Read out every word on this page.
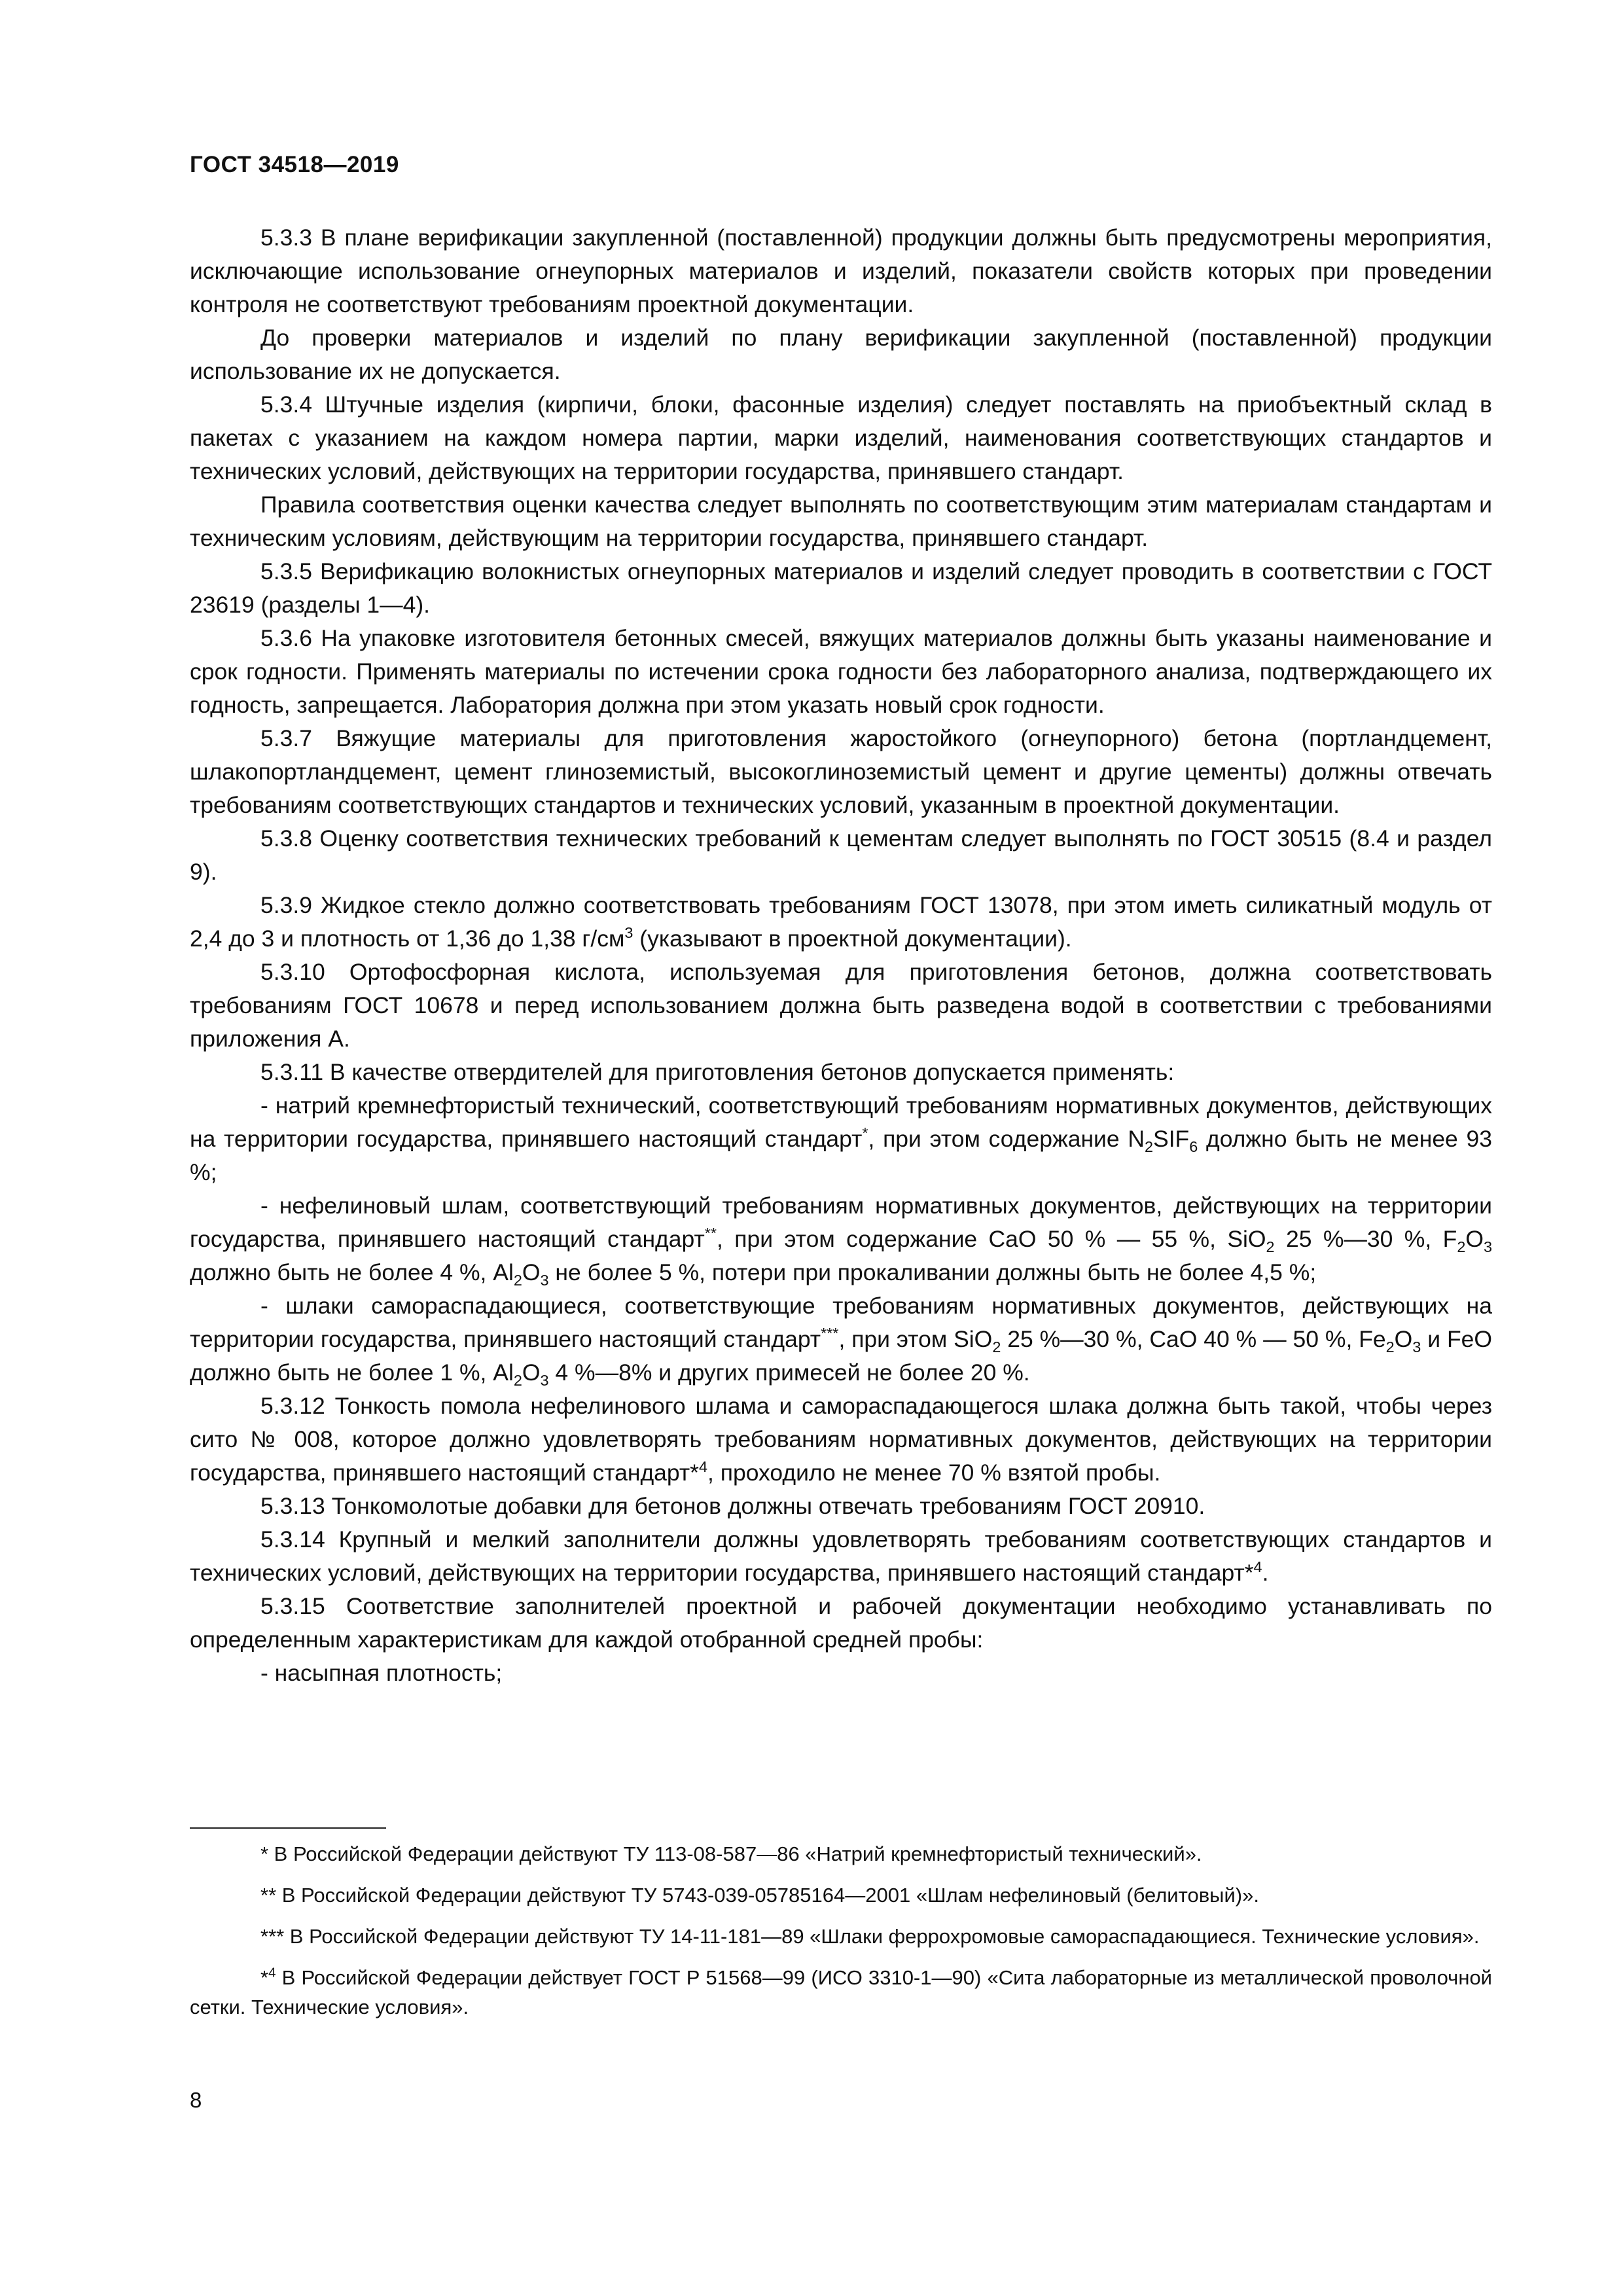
ГОСТ 34518—2019

5.3.3 В плане верификации закупленной (поставленной) продукции должны быть предусмотрены мероприятия, исключающие использование огнеупорных материалов и изделий, показатели свойств которых при проведении контроля не соответствуют требованиям проектной документации.

До проверки материалов и изделий по плану верификации закупленной (поставленной) продукции использование их не допускается.

5.3.4 Штучные изделия (кирпичи, блоки, фасонные изделия) следует поставлять на приобъектный склад в пакетах с указанием на каждом номера партии, марки изделий, наименования соответствующих стандартов и технических условий, действующих на территории государства, принявшего стандарт.

Правила соответствия оценки качества следует выполнять по соответствующим этим материалам стандартам и техническим условиям, действующим на территории государства, принявшего стандарт.

5.3.5 Верификацию волокнистых огнеупорных материалов и изделий следует проводить в соответствии с ГОСТ 23619 (разделы 1—4).

5.3.6 На упаковке изготовителя бетонных смесей, вяжущих материалов должны быть указаны наименование и срок годности. Применять материалы по истечении срока годности без лабораторного анализа, подтверждающего их годность, запрещается. Лаборатория должна при этом указать новый срок годности.

5.3.7 Вяжущие материалы для приготовления жаростойкого (огнеупорного) бетона (портландцемент, шлакопортландцемент, цемент глиноземистый, высокоглиноземистый цемент и другие цементы) должны отвечать требованиям соответствующих стандартов и технических условий, указанным в проектной документации.

5.3.8 Оценку соответствия технических требований к цементам следует выполнять по ГОСТ 30515 (8.4 и раздел 9).

5.3.9 Жидкое стекло должно соответствовать требованиям ГОСТ 13078, при этом иметь силикатный модуль от 2,4 до 3 и плотность от 1,36 до 1,38 $г/см^3$ (указывают в проектной документации).

5.3.10 Ортофосфорная кислота, используемая для приготовления бетонов, должна соответствовать требованиям ГОСТ 10678 и перед использованием должна быть разведена водой в соответствии с требованиями приложения А.

5.3.11 В качестве отвердителей для приготовления бетонов допускается применять:

- натрий кремнефтористый технический, соответствующий требованиям нормативных документов, действующих на территории государства, принявшего настоящий стандарт*, при этом содержание $N_2SIF_6$ должно быть не менее 93 %;

- нефелиновый шлам, соответствующий требованиям нормативных документов, действующих на территории государства, принявшего настоящий стандарт**, при этом содержание CaO 50 % — 55 %, SiO$_2$ 25 %—30 %, $F_2O_3$ должно быть не более 4 %, $Al_2O_3$ не более 5 %, потери при прокаливании должны быть не более 4,5 %;

- шлаки самораспадающиеся, соответствующие требованиям нормативных документов, действующих на территории государства, принявшего настоящий стандарт***, при этом SiO$_2$ 25 %—30 %, CaO 40 % — 50 %, $Fe_2O_3$ и FeO должно быть не более 1 %, $Al_2O_3$ 4 %—8% и других примесей не более 20 %.

5.3.12 Тонкость помола нефелинового шлама и самораспадающегося шлака должна быть такой, чтобы через сито № 008, которое должно удовлетворять требованиям нормативных документов, действующих на территории государства, принявшего настоящий стандарт*$^4$, проходило не менее 70 % взятой пробы.

5.3.13 Тонкомолотые добавки для бетонов должны отвечать требованиям ГОСТ 20910.

5.3.14 Крупный и мелкий заполнители должны удовлетворять требованиям соответствующих стандартов и технических условий, действующих на территории государства, принявшего настоящий стандарт*$^4$.

5.3.15 Соответствие заполнителей проектной и рабочей документации необходимо устанавливать по определенным характеристикам для каждой отобранной средней пробы:

- насыпная плотность;

* В Российской Федерации действуют ТУ 113-08-587—86 «Натрий кремнефтористый технический».

** В Российской Федерации действуют ТУ 5743-039-05785164—2001 «Шлам нефелиновый (белитовый)».

*** В Российской Федерации действуют ТУ 14-11-181—89 «Шлаки феррохромовые самораспадающиеся. Технические условия».

*$^4$ В Российской Федерации действует ГОСТ Р 51568—99 (ИСО 3310-1—90) «Сита лабораторные из металлической проволочной сетки. Технические условия».

8
